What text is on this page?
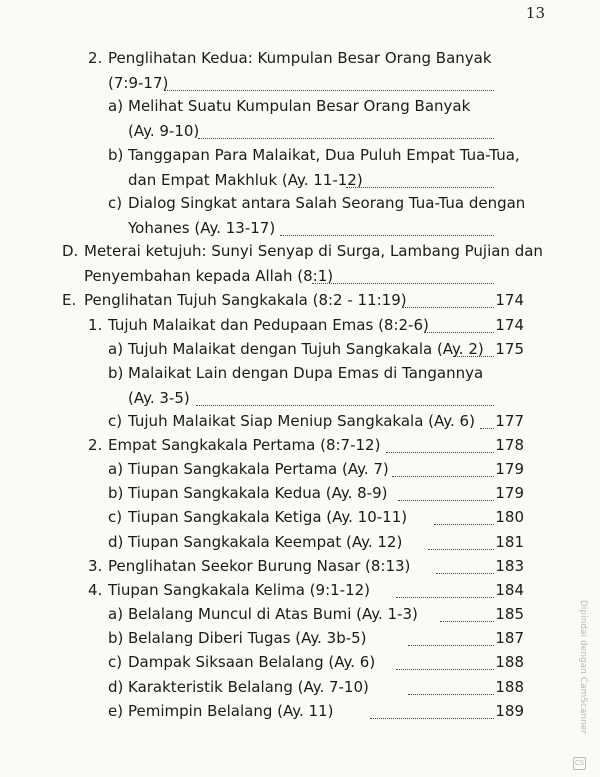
13
2. Penglihatan Kedua: Kumpulan Besar Orang Banyak
(7:9-17)
a) Melihat Suatu Kumpulan Besar Orang Banyak
(Ay. 9-10)
b) Tanggapan Para Malaikat, Dua Puluh Empat Tua-Tua,
dan Empat Makhluk (Ay. 11-12)
c) Dialog Singkat antara Salah Seorang Tua-Tua dengan
Yohanes (Ay. 13-17)
D. Meterai ketujuh: Sunyi Senyap di Surga, Lambang Pujian dan
Penyembahan kepada Allah (8:1)
E. Penglihatan Tujuh Sangkakala (8:2 - 11:19)	174
1. Tujuh Malaikat dan Pedupaan Emas (8:2-6)	174
a) Tujuh Malaikat dengan Tujuh Sangkakala (Ay. 2) 175
b) Malaikat Lain dengan Dupa Emas di Tangannya
(Ay. 3-5)
c) Tujuh Malaikat Siap Meniup Sangkakala (Ay. 6) 177
2. Empat Sangkakala Pertama (8:7-12)	178
a) Tiupan Sangkakala Pertama (Ay. 7)	179
b) Tiupan Sangkakala Kedua (Ay. 8-9)	179
c) Tiupan Sangkakala Ketiga (Ay. 10-11)	180
d) Tiupan Sangkakala Keempat (Ay. 12)	181
3. Penglihatan Seekor Burung Nasar (8:13)	183
4. Tiupan Sangkakala Kelima (9:1-12)	184
a) Belalang Muncul di Atas Bumi (Ay. 1-3)	185
b) Belalang Diberi Tugas (Ay. 3b-5)	187
c) Dampak Siksaan Belalang (Ay. 6)	188
d) Karakteristik Belalang (Ay. 7-10)	188
e) Pemimpin Belalang (Ay. 11)	189	Dipindai dengan CamScanner
CS
